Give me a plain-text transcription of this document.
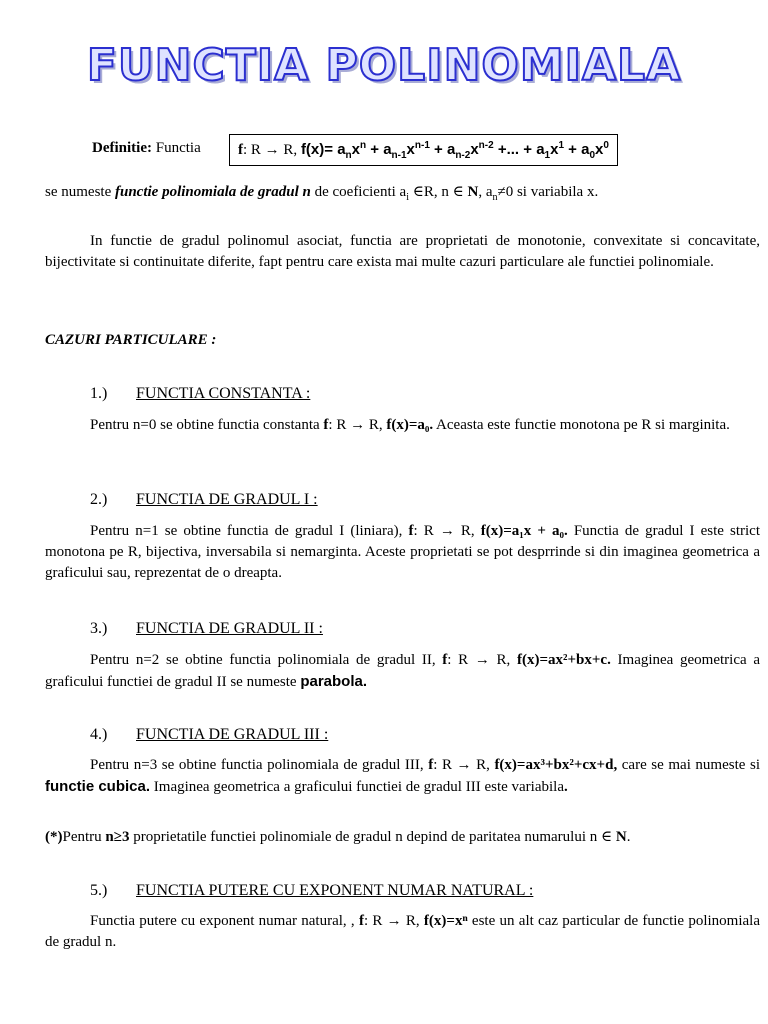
FUNCTIA POLINOMIALA
Definitie: Functia	f: R → R, $f(x)= a_nx^n + a_{n-1}x^{n-1} + a_{n-2}x^{n-2}$ +... + $a_1x^1 + a_0x^0$
se numeste functie polinomiala de gradul n de coeficienti $a_i$ ∈R, n ∈ N, $a_n\ne 0$ si variabila x.
In functie de gradul polinomul asociat, functia are proprietati de monotonie, convexitate si concavitate, bijectivitate si continuitate diferite, fapt pentru care exista mai multe cazuri particulare ale functiei polinomiale.
CAZURI PARTICULARE :
1.) FUNCTIA CONSTANTA :
Pentru n=0 se obtine functia constanta f: R → R, f(x)=a₀. Aceasta este functie monotona pe R si marginita.
2.) FUNCTIA DE GRADUL I :
Pentru n=1 se obtine functia de gradul I (liniara), f: R → R, f(x)=a₁x + a₀. Functia de gradul I este strict monotona pe R, bijectiva, inversabila si nemarginta. Aceste proprietati se pot desprrinde si din imaginea geometrica a graficului sau, reprezentat de o dreapta.
3.) FUNCTIA DE GRADUL II :
Pentru n=2 se obtine functia polinomiala de gradul II, f: R → R, f(x)=ax²+bx+c. Imaginea geometrica a graficului functiei de gradul II se numeste parabola.
4.) FUNCTIA DE GRADUL III :
Pentru n=3 se obtine functia polinomiala de gradul III, f: R → R, f(x)=ax³+bx²+cx+d, care se mai numeste si functie cubica. Imaginea geometrica a graficului functiei de gradul III este variabila.
(*)Pentru n≥3 proprietatile functiei polinomiale de gradul n depind de paritatea numarului n ∈ N.
5.) FUNCTIA PUTERE CU EXPONENT NUMAR NATURAL :
Functia putere cu exponent numar natural, , f: R → R, f(x)=xⁿ este un alt caz particular de functie polinomiala de gradul n.
